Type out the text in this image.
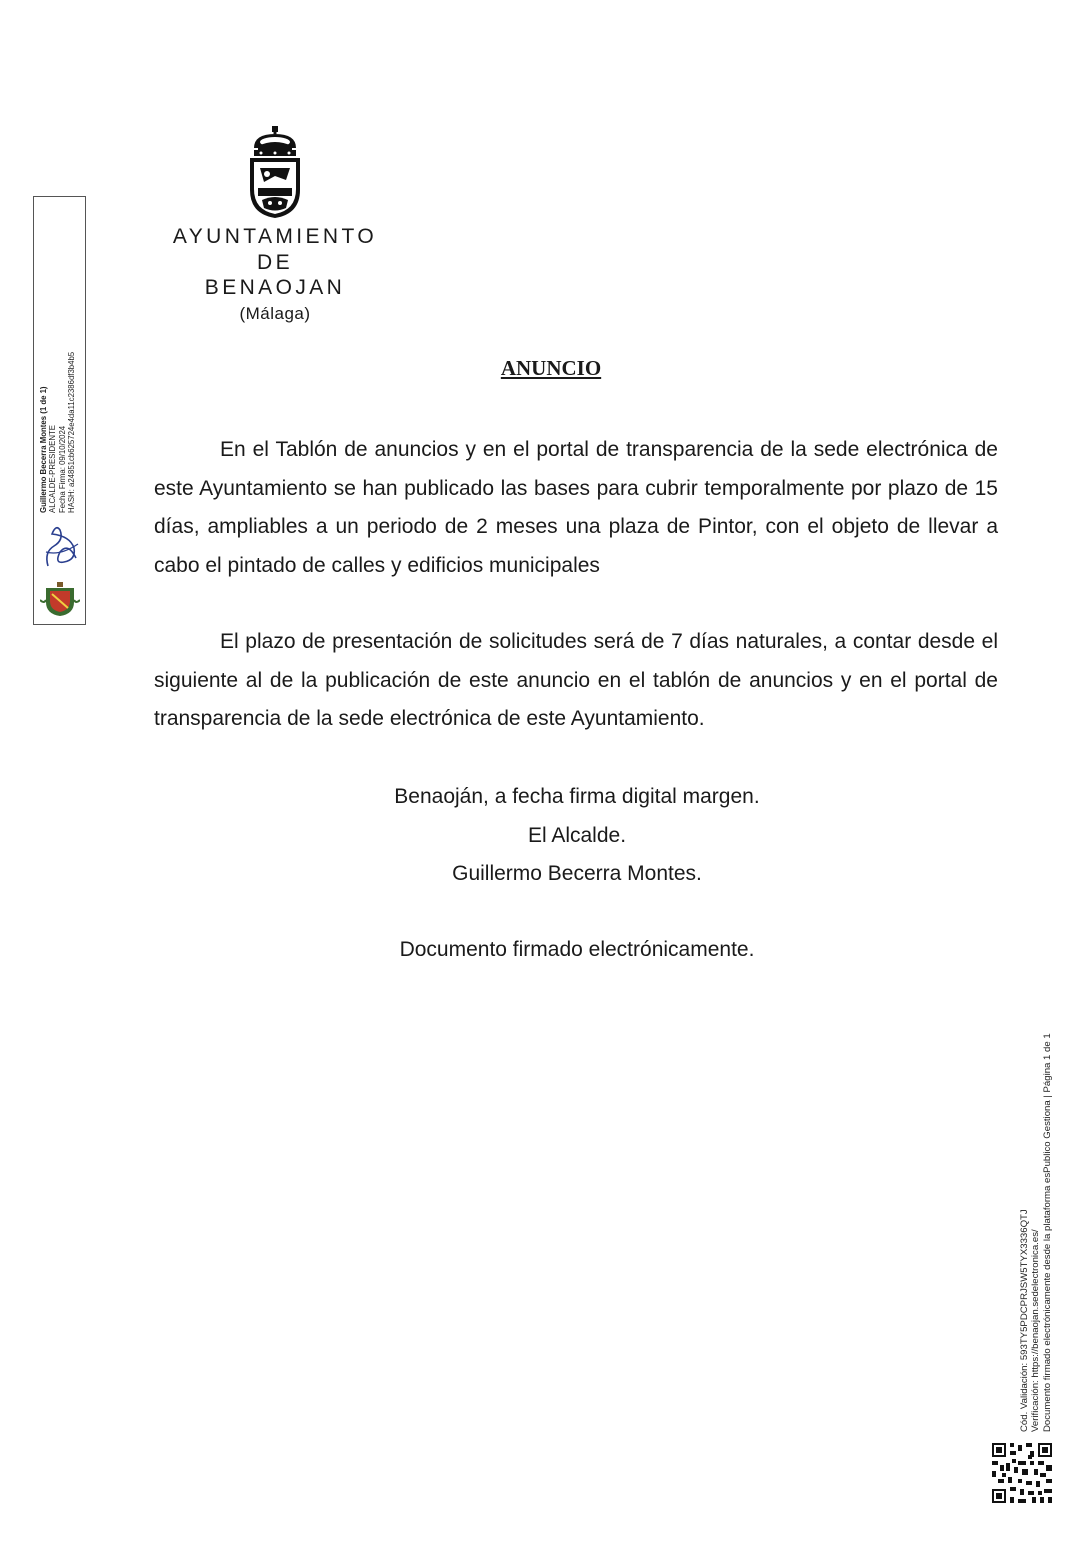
AYUNTAMIENTO
DE
BENAOJAN
(Málaga)
ANUNCIO

En el Tablón de anuncios y en el portal de transparencia de la sede electrónica de este Ayuntamiento se han publicado las bases para cubrir temporalmente por plazo de 15 días, ampliables a un periodo de 2 meses una plaza de Pintor, con el objeto de llevar a cabo el pintado de calles y edificios municipales

El plazo de presentación de solicitudes será de 7 días naturales, a contar desde el siguiente al de la publicación de este anuncio en el tablón de anuncios y en el portal de transparencia de la sede electrónica de este Ayuntamiento.

Benaoján, a fecha firma digital margen.
El Alcalde.
Guillermo Becerra Montes.
Documento firmado electrónicamente.
Guillermo Becerra Montes (1 de 1) ALCALDE-PRESIDENTE Fecha Firma: 09/10/2024 HASH: a24851cb625724e4da11c2386df3b4b5
Cód. Validación: 593TY5PDCPRJSW5TYX3336QTJ Verificación: https://benaojan.sedelectronica.es/ Documento firmado electrónicamente desde la plataforma esPublico Gestiona | Página 1 de 1
